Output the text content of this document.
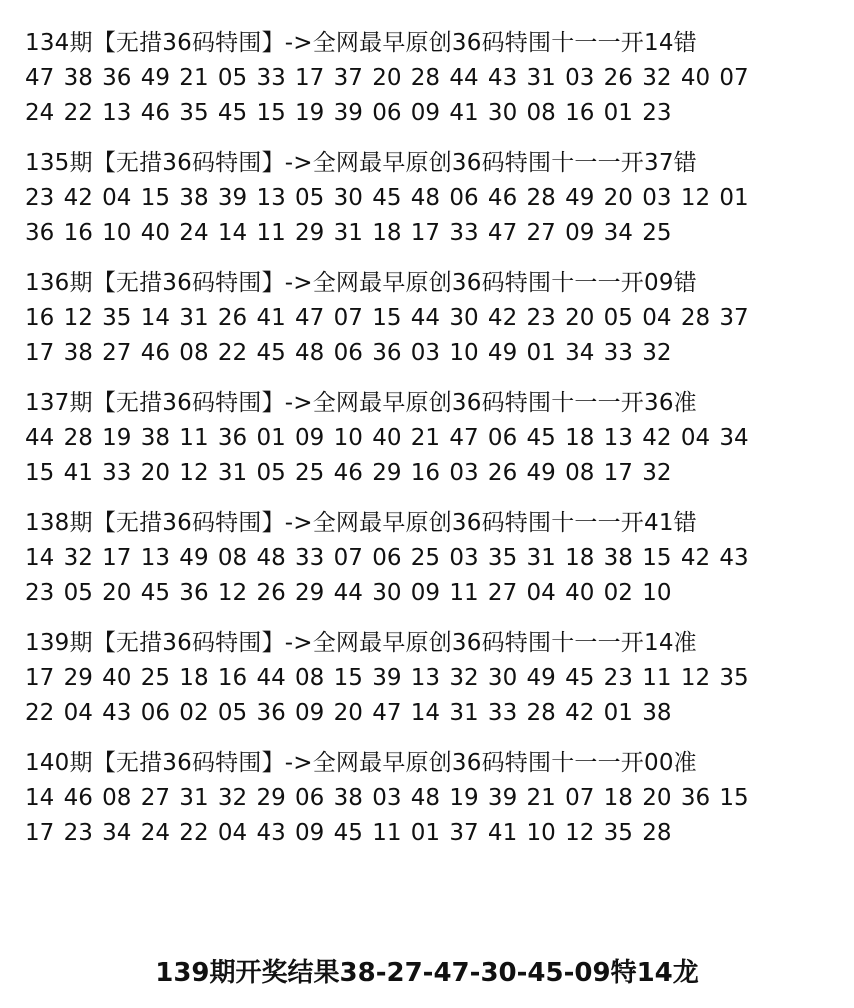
134期【无措36码特围】->全网最早原创36码特围十一一开14错
47 38 36 49 21 05 33 17 37 20 28 44 43 31 03 26 32 40 07
24 22 13 46 35 45 15 19 39 06 09 41 30 08 16 01 23
135期【无措36码特围】->全网最早原创36码特围十一一开37错
23 42 04 15 38 39 13 05 30 45 48 06 46 28 49 20 03 12 01
36 16 10 40 24 14 11 29 31 18 17 33 47 27 09 34 25
136期【无措36码特围】->全网最早原创36码特围十一一开09错
16 12 35 14 31 26 41 47 07 15 44 30 42 23 20 05 04 28 37
17 38 27 46 08 22 45 48 06 36 03 10 49 01 34 33 32
137期【无措36码特围】->全网最早原创36码特围十一一开36准
44 28 19 38 11 36 01 09 10 40 21 47 06 45 18 13 42 04 34
15 41 33 20 12 31 05 25 46 29 16 03 26 49 08 17 32
138期【无措36码特围】->全网最早原创36码特围十一一开41错
14 32 17 13 49 08 48 33 07 06 25 03 35 31 18 38 15 42 43
23 05 20 45 36 12 26 29 44 30 09 11 27 04 40 02 10
139期【无措36码特围】->全网最早原创36码特围十一一开14准
17 29 40 25 18 16 44 08 15 39 13 32 30 49 45 23 11 12 35
22 04 43 06 02 05 36 09 20 47 14 31 33 28 42 01 38
140期【无措36码特围】->全网最早原创36码特围十一一开00准
14 46 08 27 31 32 29 06 38 03 48 19 39 21 07 18 20 36 15
17 23 34 24 22 04 43 09 45 11 01 37 41 10 12 35 28
139期开奖结果38-27-47-30-45-09特14龙
